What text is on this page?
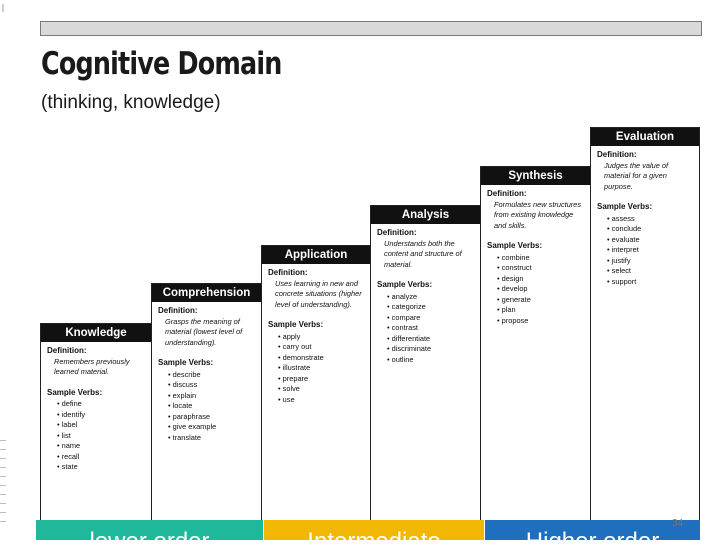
Cognitive Domain
(thinking, knowledge)
Knowledge
Definition:
Remembers previously learned material.
Sample Verbs:
• define
• identify
• label
• list
• name
• recall
• state
Comprehension
Definition:
Grasps the meaning of material (lowest level of understanding).
Sample Verbs:
• describe
• discuss
• explain
• locate
• paraphrase
• give example
• translate
Application
Definition:
Uses learning in new and concrete situations (higher level of understanding).
Sample Verbs:
• apply
• carry out
• demonstrate
• illustrate
• prepare
• solve
• use
Analysis
Definition:
Understands both the content and structure of material.
Sample Verbs:
• analyze
• categorize
• compare
• contrast
• differentiate
• discriminate
• outline
Synthesis
Definition:
Formulates new structures from existing knowledge and skills.
Sample Verbs:
• combine
• construct
• design
• develop
• generate
• plan
• propose
Evaluation
Definition:
Judges the value of material for a given purpose.
Sample Verbs:
• assess
• conclude
• evaluate
• interpret
• justify
• select
• support
lower order	Intermediate	Higher order
34
